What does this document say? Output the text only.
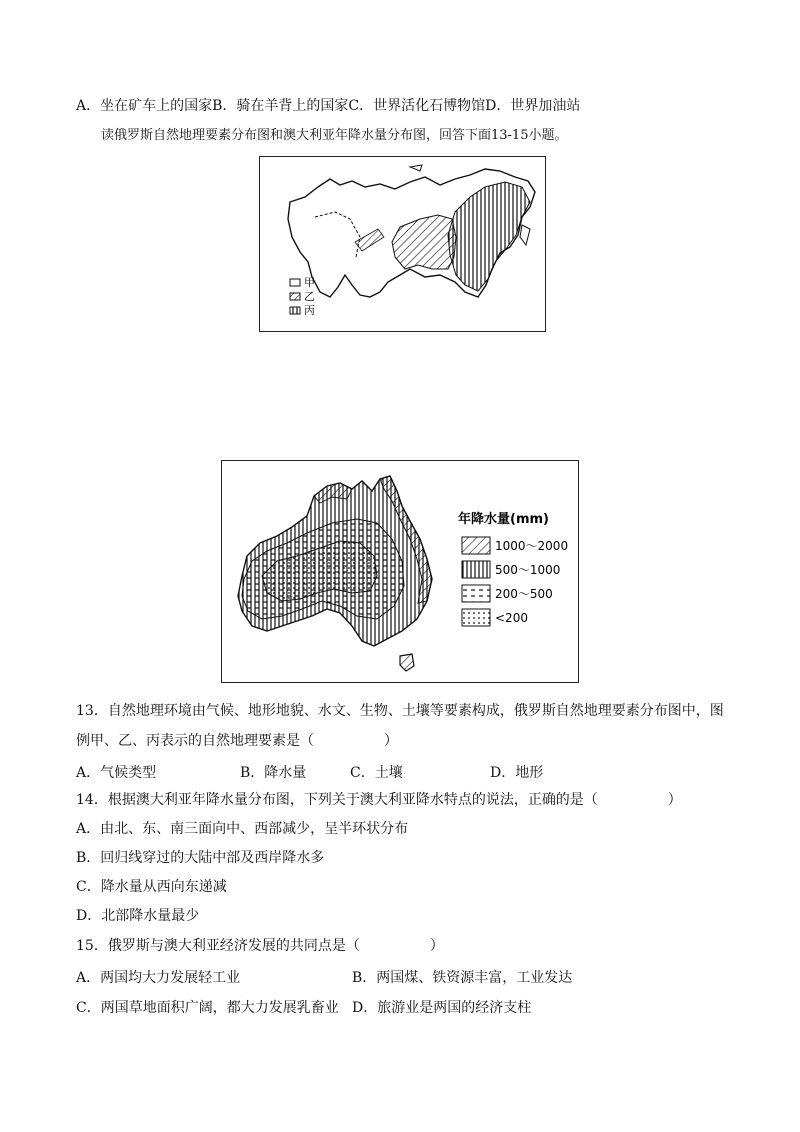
A．坐在矿车上的国家B．骑在羊背上的国家C．世界活化石博物馆D．世界加油站
读俄罗斯自然地理要素分布图和澳大利亚年降水量分布图，回答下面13-15小题。
甲
乙
丙
年降水量(mm)
1000～2000
500～1000
200～500
<200
13．自然地理环境由气候、地形地貌、水文、生物、土壤等要素构成，俄罗斯自然地理要素分布图中，图
例甲、乙、丙表示的自然地理要素是（　　　　　）
A．气候类型	B．降水量	C．土壤	D．地形
14．根据澳大利亚年降水量分布图，下列关于澳大利亚降水特点的说法，正确的是（　　　　　）
A．由北、东、南三面向中、西部减少，呈半环状分布
B．回归线穿过的大陆中部及西岸降水多
C．降水量从西向东递减
D．北部降水量最少
15．俄罗斯与澳大利亚经济发展的共同点是（　　　　　）
A．两国均大力发展轻工业	B．两国煤、铁资源丰富，工业发达
C．两国草地面积广阔，都大力发展乳畜业 D．旅游业是两国的经济支柱
